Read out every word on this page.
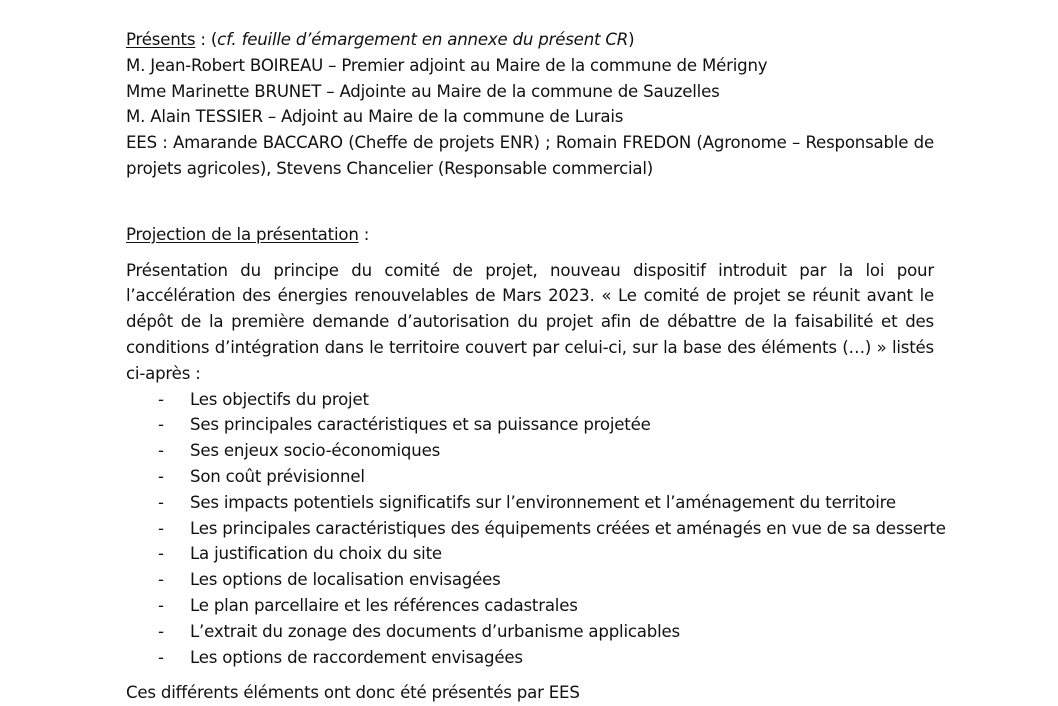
Présents : (cf. feuille d’émargement en annexe du présent CR)
M. Jean-Robert BOIREAU – Premier adjoint au Maire de la commune de Mérigny
Mme Marinette BRUNET – Adjointe au Maire de la commune de Sauzelles
M. Alain TESSIER – Adjoint au Maire de la commune de Lurais
EES : Amarande BACCARO (Cheffe de projets ENR) ; Romain FREDON (Agronome – Responsable de projets agricoles), Stevens Chancelier (Responsable commercial)
Projection de la présentation :
Présentation du principe du comité de projet, nouveau dispositif introduit par la loi pour l’accélération des énergies renouvelables de Mars 2023. « Le comité de projet se réunit avant le dépôt de la première demande d’autorisation du projet afin de débattre de la faisabilité et des conditions d’intégration dans le territoire couvert par celui-ci, sur la base des éléments (…) » listés ci-après :
- Les objectifs du projet
- Ses principales caractéristiques et sa puissance projetée
- Ses enjeux socio-économiques
- Son coût prévisionnel
- Ses impacts potentiels significatifs sur l’environnement et l’aménagement du territoire
- Les principales caractéristiques des équipements créées et aménagés en vue de sa desserte
- La justification du choix du site
- Les options de localisation envisagées
- Le plan parcellaire et les références cadastrales
- L’extrait du zonage des documents d’urbanisme applicables
- Les options de raccordement envisagées
Ces différents éléments ont donc été présentés par EES
